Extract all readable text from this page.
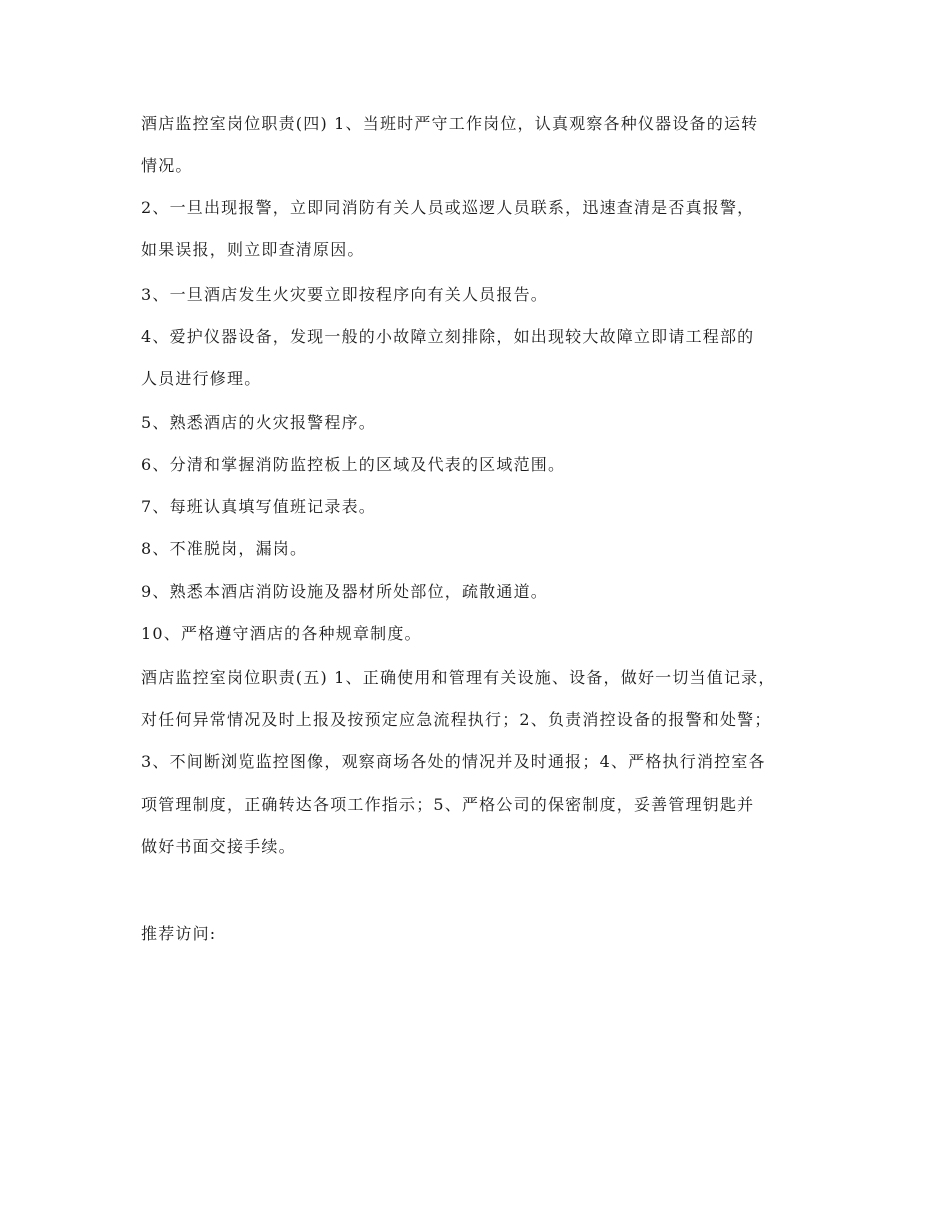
酒店监控室岗位职责(四) 1、当班时严守工作岗位，认真观察各种仪器设备的运转
情况。
2、一旦出现报警，立即同消防有关人员或巡逻人员联系，迅速查清是否真报警，
如果误报，则立即查清原因。
3、一旦酒店发生火灾要立即按程序向有关人员报告。
4、爱护仪器设备，发现一般的小故障立刻排除，如出现较大故障立即请工程部的
人员进行修理。
5、熟悉酒店的火灾报警程序。
6、分清和掌握消防监控板上的区域及代表的区域范围。
7、每班认真填写值班记录表。
8、不准脱岗，漏岗。
9、熟悉本酒店消防设施及器材所处部位，疏散通道。
10、严格遵守酒店的各种规章制度。
酒店监控室岗位职责(五) 1、正确使用和管理有关设施、设备，做好一切当值记录，
对任何异常情况及时上报及按预定应急流程执行；2、负责消控设备的报警和处警；
3、不间断浏览监控图像，观察商场各处的情况并及时通报；4、严格执行消控室各
项管理制度，正确转达各项工作指示；5、严格公司的保密制度，妥善管理钥匙并
做好书面交接手续。
推荐访问:
